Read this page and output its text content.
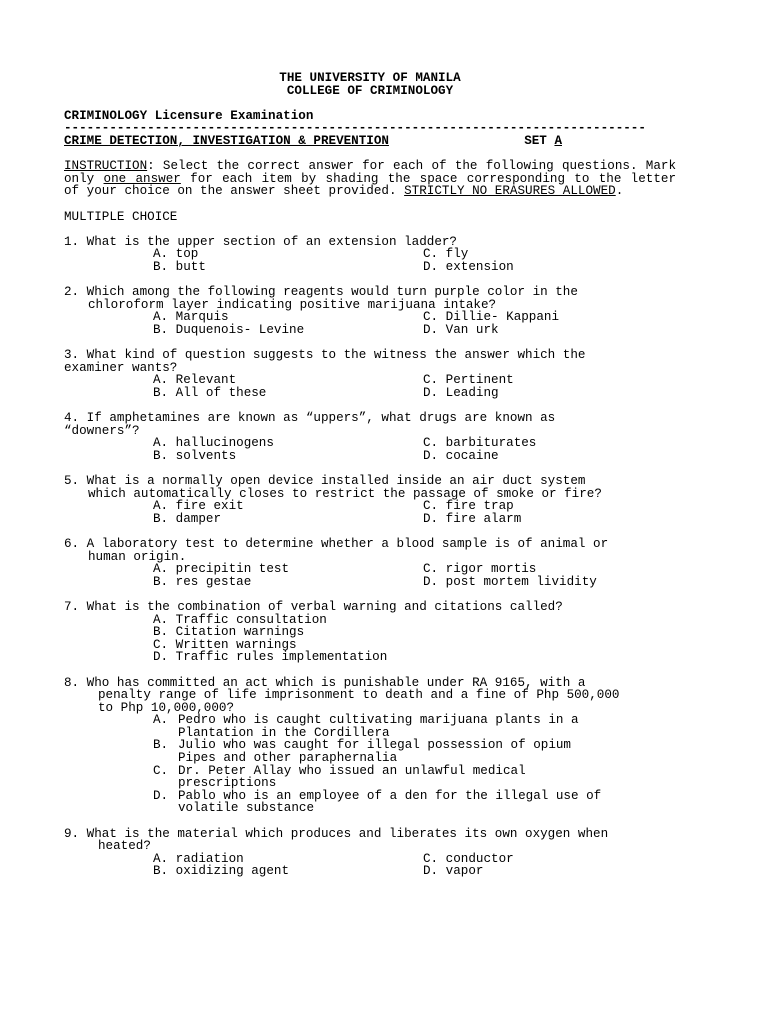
THE UNIVERSITY OF MANILA
COLLEGE OF CRIMINOLOGY
CRIMINOLOGY Licensure Examination
-----------------------------------------------------------------------------
CRIME DETECTION, INVESTIGATION & PREVENTION	SET A
INSTRUCTION: Select the correct answer for each of the following questions. Mark only one answer for each item by shading the space corresponding to the letter of your choice on the answer sheet provided. STRICTLY NO ERASURES ALLOWED.
MULTIPLE CHOICE
1. What is the upper section of an extension ladder?
A. top	C. fly
B. butt	D. extension
2. Which among the following reagents would turn purple color in the
chloroform layer indicating positive marijuana intake?
A. Marquis	C. Dillie- Kappani
B. Duquenois- Levine	D. Van urk
3. What kind of question suggests to the witness the answer which the
examiner wants?
A. Relevant	C. Pertinent
B. All of these	D. Leading
4. If amphetamines are known as “uppers”, what drugs are known as
“downers”?
A. hallucinogens	C. barbiturates
B. solvents	D. cocaine
5. What is a normally open device installed inside an air duct system
which automatically closes to restrict the passage of smoke or fire?
A. fire exit	C. fire trap
B. damper	D. fire alarm
6. A laboratory test to determine whether a blood sample is of animal or
human origin.
A. precipitin test	C. rigor mortis
B. res gestae	D. post mortem lividity
7. What is the combination of verbal warning and citations called?
A. Traffic consultation
B. Citation warnings
C. Written warnings
D. Traffic rules implementation
8. Who has committed an act which is punishable under RA 9165, with a
penalty range of life imprisonment to death and a fine of Php 500,000
to Php 10,000,000?
A. Pedro who is caught cultivating marijuana plants in a
Plantation in the Cordillera
B. Julio who was caught for illegal possession of opium
Pipes and other paraphernalia
C. Dr. Peter Allay who issued an unlawful medical
prescriptions
D. Pablo who is an employee of a den for the illegal use of
volatile substance
9. What is the material which produces and liberates its own oxygen when
heated?
A. radiation	C. conductor
B. oxidizing agent	D. vapor
